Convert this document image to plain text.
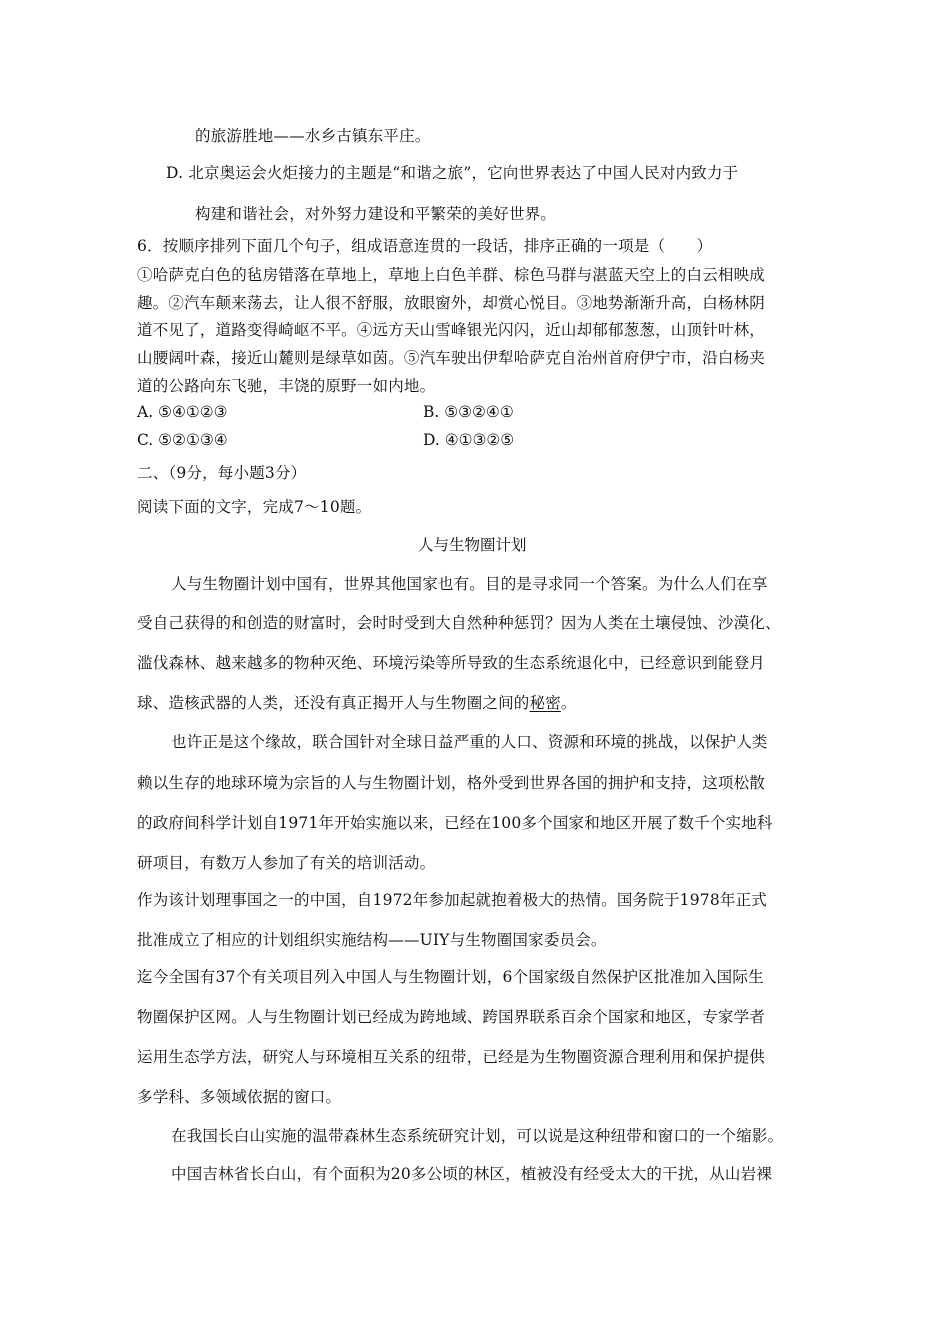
的旅游胜地——水乡古镇东平庄。
D. 北京奥运会火炬接力的主题是“和谐之旅”，它向世界表达了中国人民对内致力于
构建和谐社会，对外努力建设和平繁荣的美好世界。
6．按顺序排列下面几个句子，组成语意连贯的一段话，排序正确的一项是（　　）
①哈萨克白色的毡房错落在草地上，草地上白色羊群、棕色马群与湛蓝天空上的白云相映成
趣。②汽车颠来荡去，让人很不舒服，放眼窗外，却赏心悦目。③地势渐渐升高，白杨林阴
道不见了，道路变得崎岖不平。④远方天山雪峰银光闪闪，近山却郁郁葱葱，山顶针叶林，
山腰阔叶森，接近山麓则是绿草如茵。⑤汽车驶出伊犁哈萨克自治州首府伊宁市，沿白杨夹
道的公路向东飞驰，丰饶的原野一如内地。
A. ⑤④①②③	B. ⑤③②④①
C. ⑤②①③④	D. ④①③②⑤
二、（9分，每小题3分）
阅读下面的文字，完成7～10题。
人与生物圈计划
人与生物圈计划中国有，世界其他国家也有。目的是寻求同一个答案。为什么人们在享
受自己获得的和创造的财富时，会时时受到大自然种种惩罚？因为人类在土壤侵蚀、沙漠化、
滥伐森林、越来越多的物种灭绝、环境污染等所导致的生态系统退化中，已经意识到能登月
球、造核武器的人类，还没有真正揭开人与生物圈之间的秘密。
也许正是这个缘故，联合国针对全球日益严重的人口、资源和环境的挑战，以保护人类
赖以生存的地球环境为宗旨的人与生物圈计划，格外受到世界各国的拥护和支持，这项松散
的政府间科学计划自1971年开始实施以来，已经在100多个国家和地区开展了数千个实地科
研项目，有数万人参加了有关的培训活动。
作为该计划理事国之一的中国，自1972年参加起就抱着极大的热情。国务院于1978年正式
批准成立了相应的计划组织实施结构——UIY与生物圈国家委员会。
迄今全国有37个有关项目列入中国人与生物圈计划，6个国家级自然保护区批准加入国际生
物圈保护区网。人与生物圈计划已经成为跨地域、跨国界联系百余个国家和地区，专家学者
运用生态学方法，研究人与环境相互关系的纽带，已经是为生物圈资源合理利用和保护提供
多学科、多领域依据的窗口。
在我国长白山实施的温带森林生态系统研究计划，可以说是这种纽带和窗口的一个缩影。
中国吉林省长白山，有个面积为20多公顷的林区，植被没有经受太大的干扰，从山岩裸
